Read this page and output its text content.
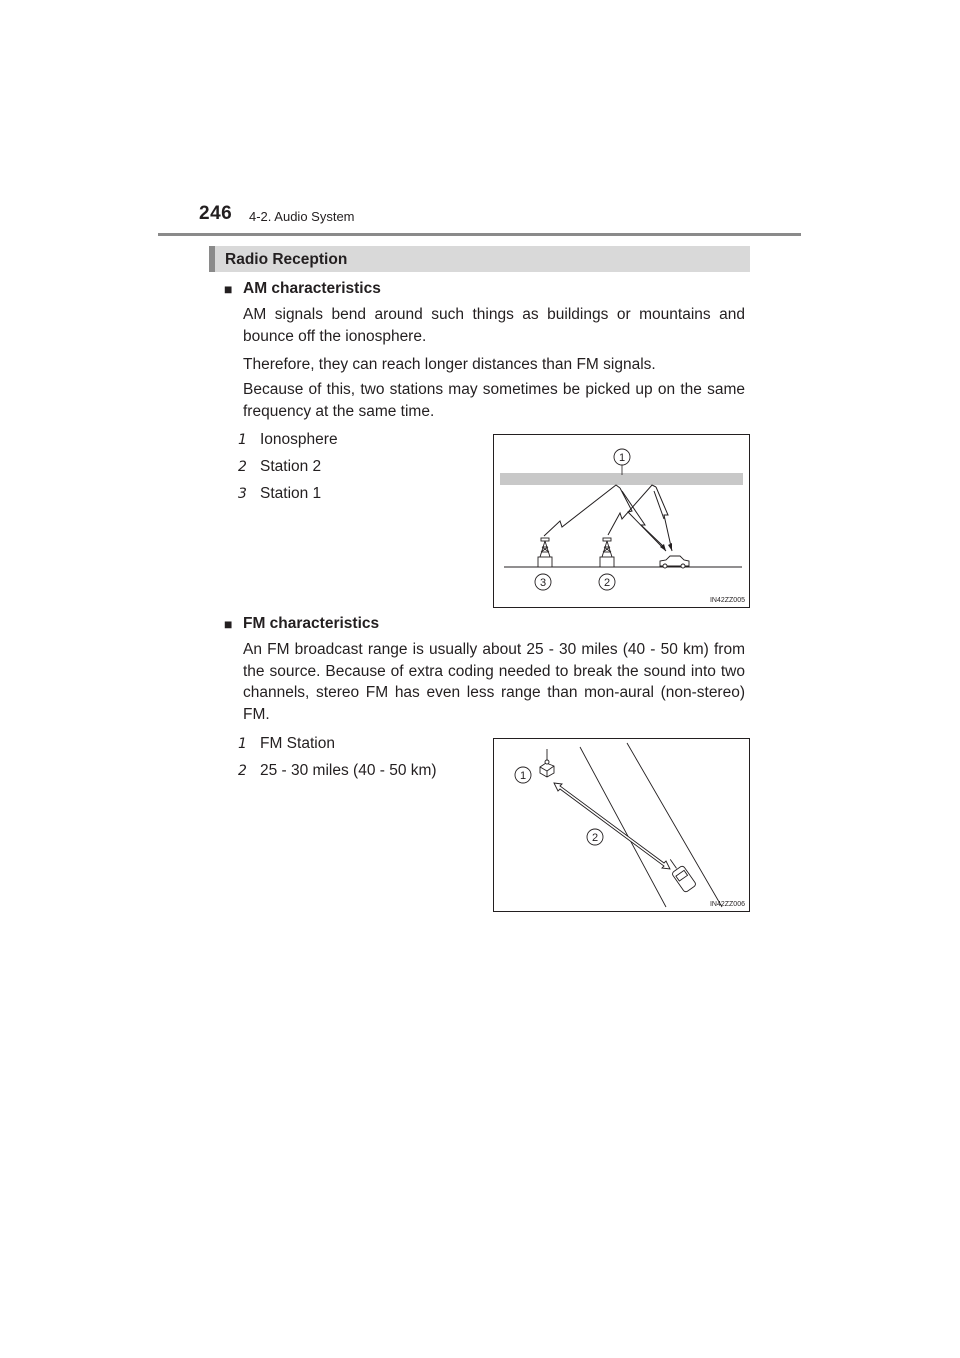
246 4-2. Audio System
Radio Reception
■ AM characteristics

AM signals bend around such things as buildings or mountains and bounce off the ionosphere.

Therefore, they can reach longer distances than FM signals.

Because of this, two stations may sometimes be picked up on the same frequency at the same time.

1 Ionosphere
2 Station 2
3 Station 1
1
3	2
IN42ZZ005
■ FM characteristics

An FM broadcast range is usually about 25 - 30 miles (40 - 50 km) from the source. Because of extra coding needed to break the sound into two channels, stereo FM has even less range than mon-aural (non-stereo) FM.

1 FM Station
2 25 - 30 miles (40 - 50 km)	1
2
IN42ZZ006
